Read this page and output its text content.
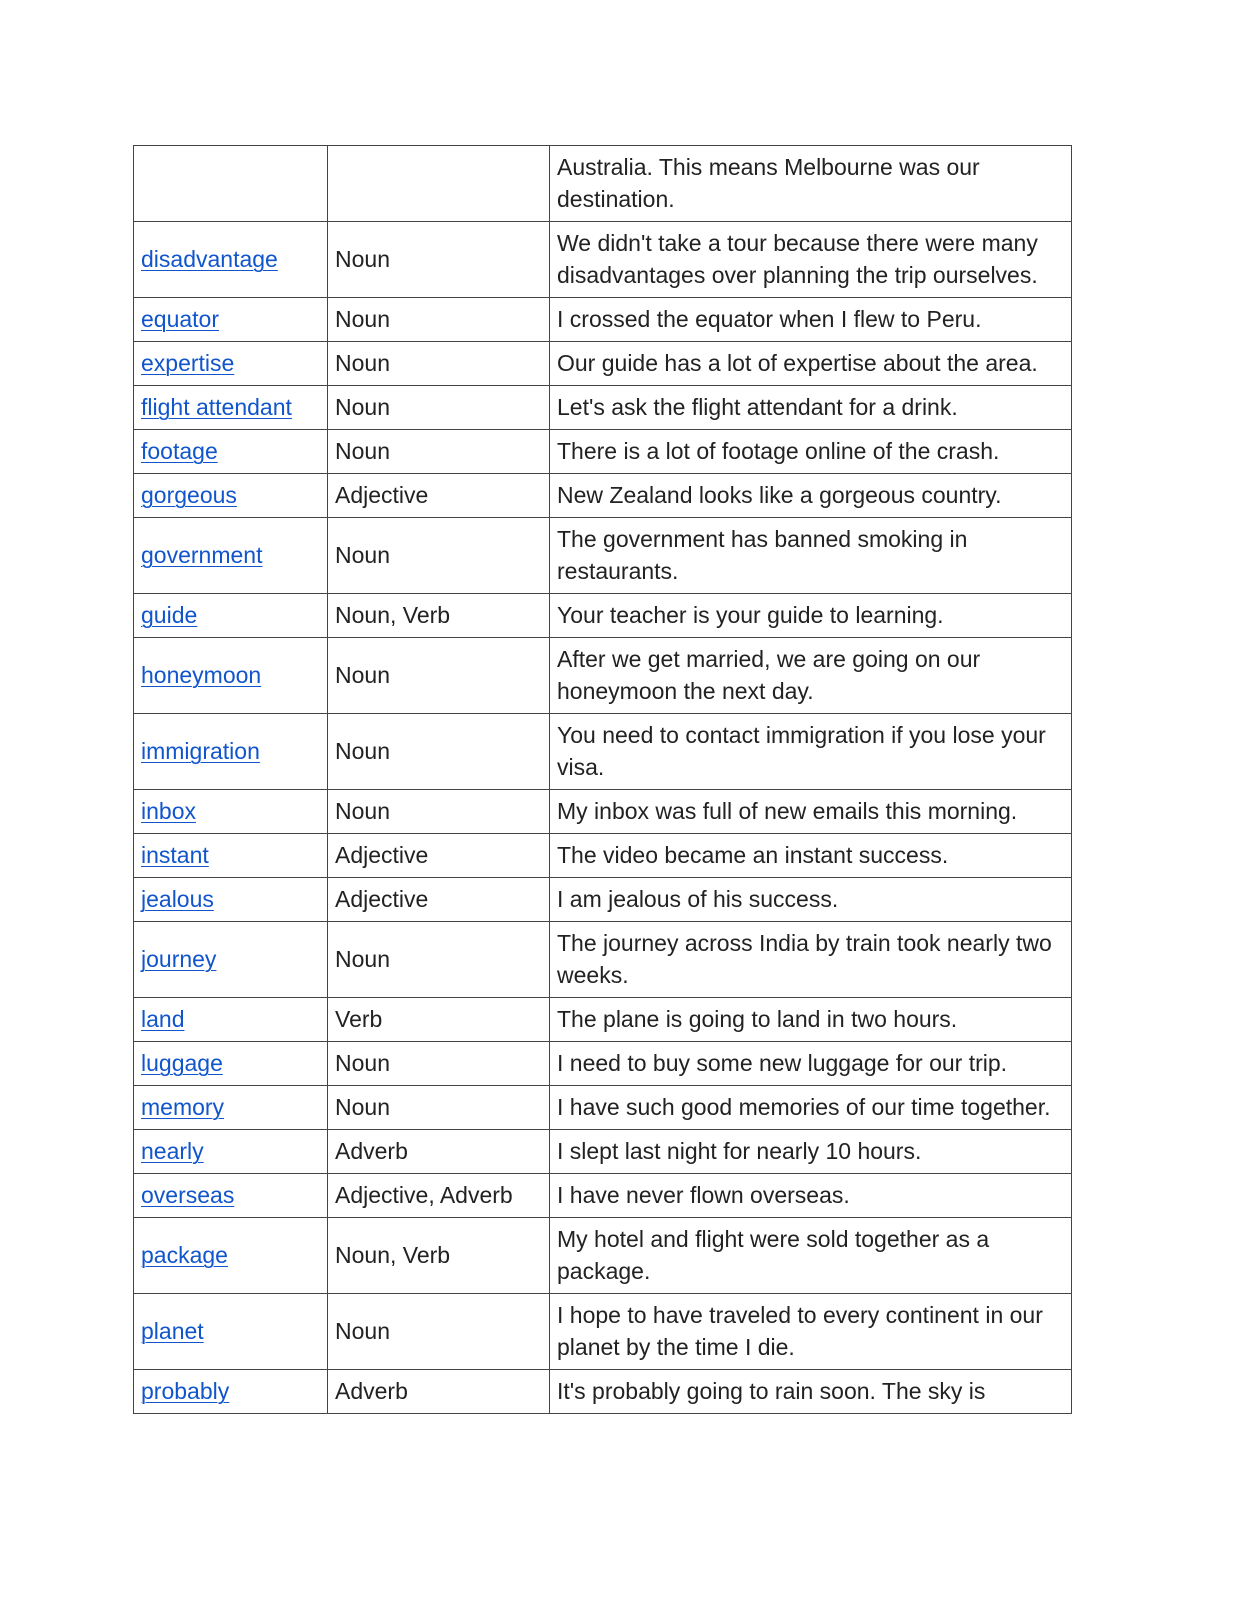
		Australia. This means Melbourne was our destination.
disadvantage	Noun	We didn't take a tour because there were many disadvantages over planning the trip ourselves.
equator	Noun	I crossed the equator when I flew to Peru.
expertise	Noun	Our guide has a lot of expertise about the area.
flight attendant	Noun	Let's ask the flight attendant for a drink.
footage	Noun	There is a lot of footage online of the crash.
gorgeous	Adjective	New Zealand looks like a gorgeous country.
government	Noun	The government has banned smoking in restaurants.
guide	Noun, Verb	Your teacher is your guide to learning.
honeymoon	Noun	After we get married, we are going on our honeymoon the next day.
immigration	Noun	You need to contact immigration if you lose your visa.
inbox	Noun	My inbox was full of new emails this morning.
instant	Adjective	The video became an instant success.
jealous	Adjective	I am jealous of his success.
journey	Noun	The journey across India by train took nearly two weeks.
land	Verb	The plane is going to land in two hours.
luggage	Noun	I need to buy some new luggage for our trip.
memory	Noun	I have such good memories of our time together.
nearly	Adverb	I slept last night for nearly 10 hours.
overseas	Adjective, Adverb	I have never flown overseas.
package	Noun, Verb	My hotel and flight were sold together as a package.
planet	Noun	I hope to have traveled to every continent in our planet by the time I die.
probably	Adverb	It's probably going to rain soon. The sky is
